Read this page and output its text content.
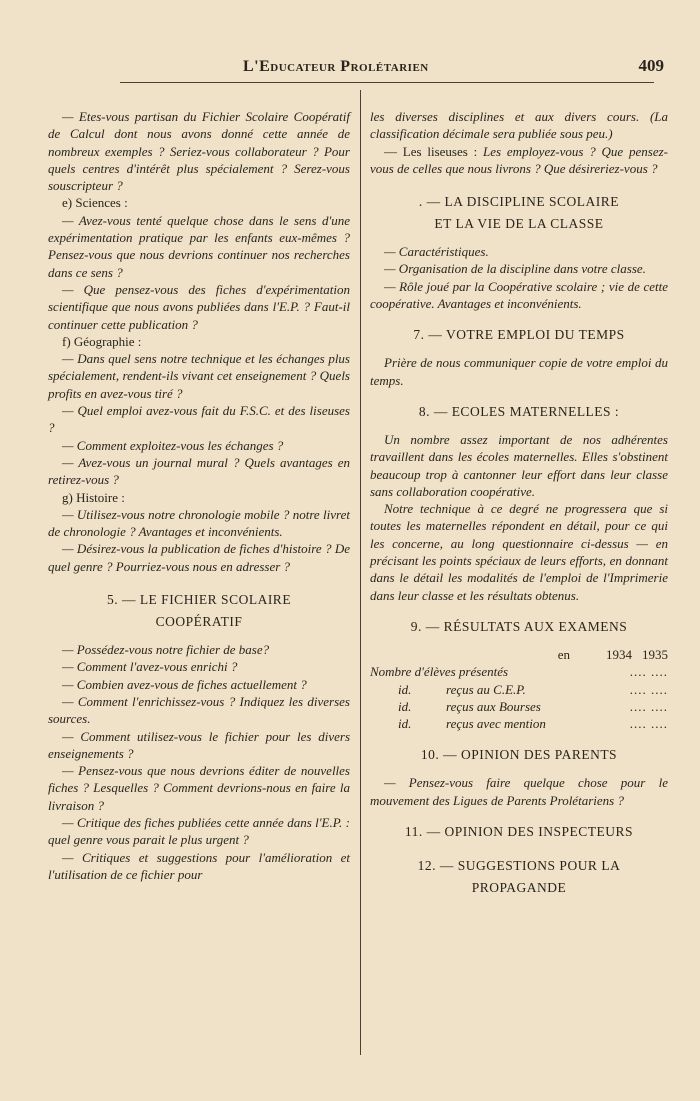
L'Educateur Prolétarien	409

— Etes-vous partisan du Fichier Scolaire Coopératif de Calcul dont nous avons donné cette année de nombreux exemples ? Seriez-vous collaborateur ? Pour quels centres d'intérêt plus spécialement ? Serez-vous souscripteur ?

e) Sciences :

— Avez-vous tenté quelque chose dans le sens d'une expérimentation pratique par les enfants eux-mêmes ? Pensez-vous que nous devrions continuer nos recherches dans ce sens ?

— Que pensez-vous des fiches d'expérimentation scientifique que nous avons publiées dans l'E.P. ? Faut-il continuer cette publication ?

f) Géographie :

— Dans quel sens notre technique et les échanges plus spécialement, rendent-ils vivant cet enseignement ? Quels profits en avez-vous tiré ?

— Quel emploi avez-vous fait du F.S.C. et des liseuses ?

— Comment exploitez-vous les échanges ?

— Avez-vous un journal mural ? Quels avantages en retirez-vous ?

g) Histoire :

— Utilisez-vous notre chronologie mobile ? notre livret de chronologie ? Avantages et inconvénients.

— Désirez-vous la publication de fiches d'histoire ? De quel genre ? Pourriez-vous nous en adresser ?

5. — LE FICHIER SCOLAIRE
COOPÉRATIF

— Possédez-vous notre fichier de base?

— Comment l'avez-vous enrichi ?

— Combien avez-vous de fiches actuellement ?

— Comment l'enrichissez-vous ? Indiquez les diverses sources.

— Comment utilisez-vous le fichier pour les divers enseignements ?

— Pensez-vous que nous devrions éditer de nouvelles fiches ? Lesquelles ? Comment devrions-nous en faire la livraison ?

— Critique des fiches publiées cette année dans l'E.P. : quel genre vous parait le plus urgent ?

— Critiques et suggestions pour l'amélioration et l'utilisation de ce fichier pour

les diverses disciplines et aux divers cours. (La classification décimale sera publiée sous peu.)

— Les liseuses : Les employez-vous ? Que pensez-vous de celles que nous livrons ? Que désireriez-vous ?

. — LA DISCIPLINE SCOLAIRE
ET LA VIE DE LA CLASSE

— Caractéristiques.

— Organisation de la discipline dans votre classe.

— Rôle joué par la Coopérative scolaire ; vie de cette coopérative. Avantages et inconvénients.

7. — VOTRE EMPLOI DU TEMPS

Prière de nous communiquer copie de votre emploi du temps.

8. — ECOLES MATERNELLES :

Un nombre assez important de nos adhérentes travaillent dans les écoles maternelles. Elles s'obstinent beaucoup trop à cantonner leur effort dans leur classe sans collaboration coopérative.

Notre technique à ce degré ne progressera que si toutes les maternelles répondent en détail, pour ce qui les concerne, au long questionnaire ci-dessus — en précisant les points spéciaux de leurs efforts, en donnant dans le détail les modalités de l'emploi de l'Imprimerie dans leur classe et les résultats obtenus.

9. — RÉSULTATS AUX EXAMENS
en	1934 1935
Nombre d'élèves présentés	.... ....
id.	reçus au C.E.P.	.... ....
id.	reçus aux Bourses	.... ....
id.	reçus avec mention	.... ....
10. — OPINION DES PARENTS

— Pensez-vous faire quelque chose pour le mouvement des Ligues de Parents Prolétariens ?

11. — OPINION DES INSPECTEURS
12. — SUGGESTIONS POUR LA
PROPAGANDE
